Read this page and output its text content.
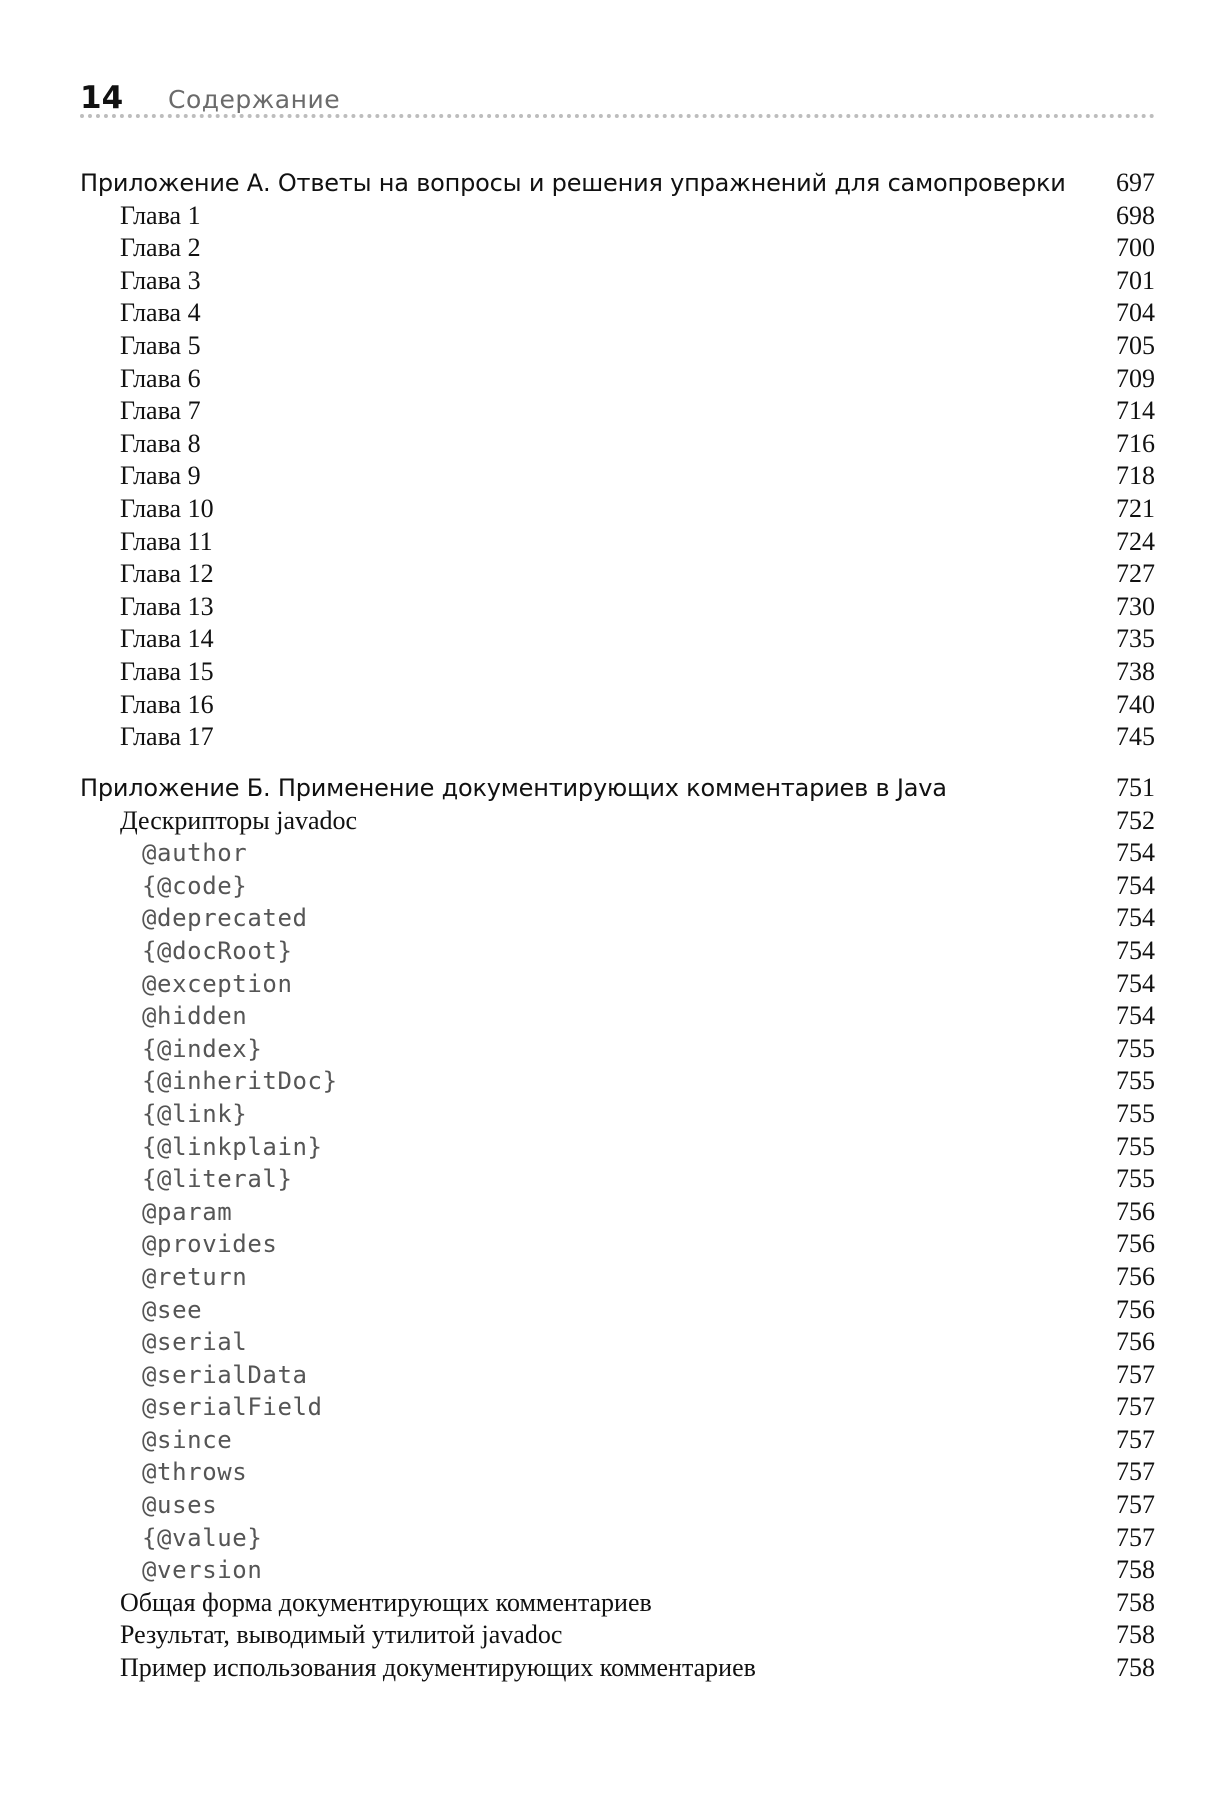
14 Содержание
Приложение А. Ответы на вопросы и решения упражнений для самопроверки 697
Глава 1	698
Глава 2	700
Глава 3	701
Глава 4	704
Глава 5	705
Глава 6	709
Глава 7	714
Глава 8	716
Глава 9	718
Глава 10	721
Глава 11	724
Глава 12	727
Глава 13	730
Глава 14	735
Глава 15	738
Глава 16	740
Глава 17	745
Приложение Б. Применение документирующих комментариев в Java	751
Дескрипторы javadoc	752
@author	754
{@code}	754
@deprecated	754
{@docRoot}	754
@exception	754
@hidden	754
{@index}	755
{@inheritDoc}	755
{@link}	755
{@linkplain}	755
{@literal}	755
@param	756
@provides	756
@return	756
@see	756
@serial	756
@serialData	757
@serialField	757
@since	757
@throws	757
@uses	757
{@value}	757
@version	758
Общая форма документирующих комментариев	758
Результат, выводимый утилитой javadoc	758
Пример использования документирующих комментариев	758
